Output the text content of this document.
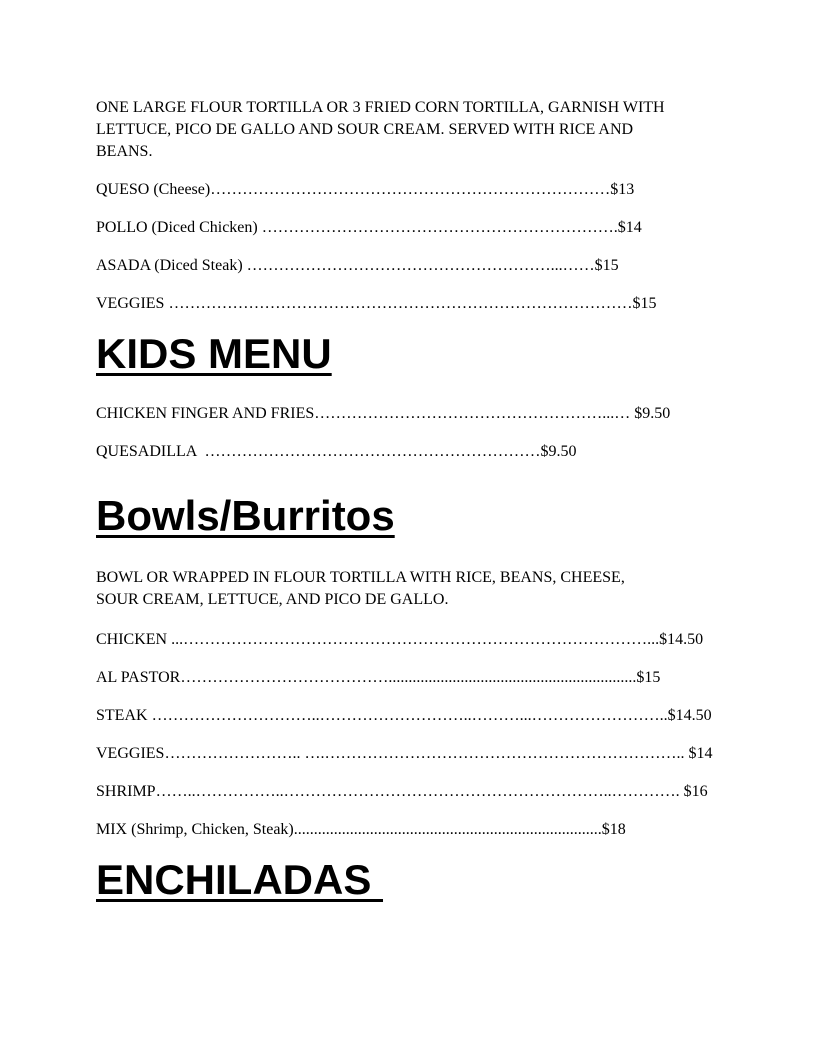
ONE LARGE FLOUR TORTILLA OR 3 FRIED CORN TORTILLA, GARNISH WITH
LETTUCE, PICO DE GALLO AND SOUR CREAM. SERVED WITH RICE AND
BEANS.
QUESO (Cheese)…………………………………………………………………$13
POLLO (Diced Chicken) ………………………………………………………….$14
ASADA (Diced Steak) …………………………………………………...……$15
VEGGIES ……………………………………………………………………………$15
KIDS MENU
CHICKEN FINGER AND FRIES………………………………………………...… $9.50
QUESADILLA  ………………………………………………………$9.50
Bowls/Burritos
BOWL OR WRAPPED IN FLOUR TORTILLA WITH RICE, BEANS, CHEESE,
SOUR CREAM, LETTUCE, AND PICO DE GALLO.
CHICKEN ...……………………………………………………………………………...$14.50
AL PASTOR…………………………………..............................................................$15
STEAK …………………………..………………………..………...……………………..$14.50
VEGGIES…………………….. ….………………………………………………………….. $14
SHRIMP……..……………..……………………………………………………..…………. $16
MIX (Shrimp, Chicken, Steak).............................................................................$18
ENCHILADAS
